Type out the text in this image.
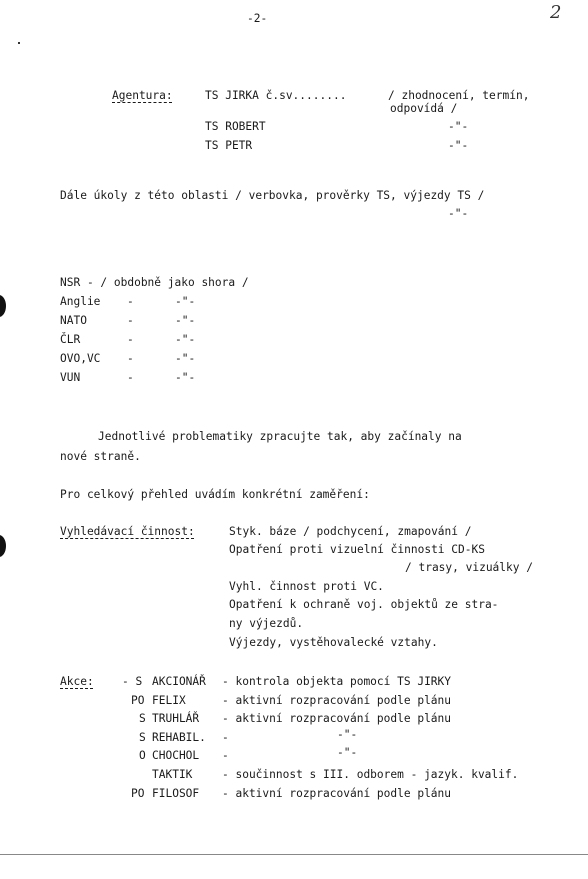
-2-	2
Agentura:	TS JIRKA č.sv........	/ zhodnocení, termín,
odpovídá /
TS ROBERT	-"-
TS PETR	-"-
Dále úkoly z této oblasti / verbovka, prověrky TS, výjezdy TS /
-"-
NSR - / obdobně jako shora /
Anglie -	-"-
NATO	-	-"-
ČLR	-	-"-
OVO,VC -	-"-
VUN	-	-"-
Jednotlivé problematiky zpracujte tak, aby začínaly na
nové straně.
Pro celkový přehled uvádím konkrétní zaměření:
Vyhledávací činnost:	Styk. báze / podchycení, zmapování /
Opatření proti vizuelní činnosti CD-KS
/ trasy, vizuálky /
Vyhl. činnost proti VC.
Opatření k ochraně voj. objektů ze stra-
ny výjezdů.
Výjezdy, vystěhovalecké vztahy.
Akce:	- S AKCIONÁŘ - kontrola objekta pomocí TS JIRKY
PO FELIX	- aktivní rozpracování podle plánu
S TRUHLÁŘ - aktivní rozpracování podle plánu
S REHABIL. -	-"-
O CHOCHOL -	-"-
TAKTIK	- součinnost s III. odborem - jazyk. kvalif.
PO FILOSOF - aktivní rozpracování podle plánu
